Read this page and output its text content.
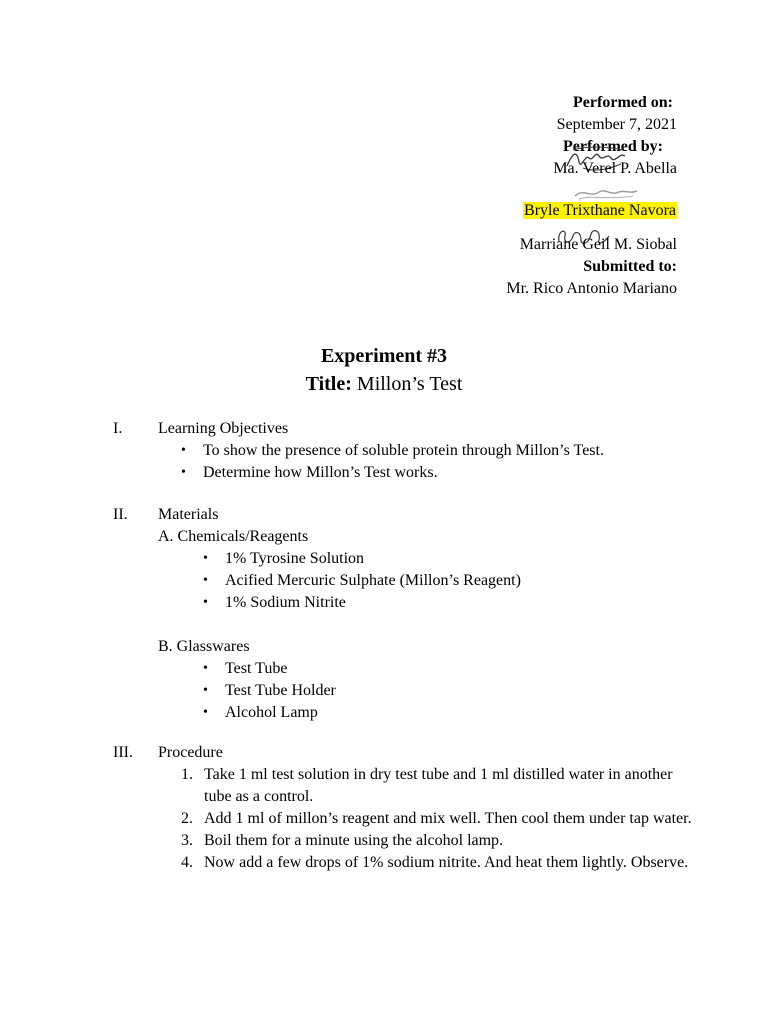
Performed on:
September 7, 2021
Performed by:
Ma. Verel P. Abella
Bryle Trixthane Navora
Marriane Geil M. Siobal
Submitted to:
Mr. Rico Antonio Mariano
Experiment #3
Title: Millon’s Test
I. Learning Objectives
• To show the presence of soluble protein through Millon’s Test.
• Determine how Millon’s Test works.
II. Materials
A. Chemicals/Reagents
• 1% Tyrosine Solution
• Acified Mercuric Sulphate (Millon’s Reagent)
• 1% Sodium Nitrite
B. Glasswares
• Test Tube
• Test Tube Holder
• Alcohol Lamp
III. Procedure
1. Take 1 ml test solution in dry test tube and 1 ml distilled water in another tube as a control.
2. Add 1 ml of millon’s reagent and mix well. Then cool them under tap water.
3. Boil them for a minute using the alcohol lamp.
4. Now add a few drops of 1% sodium nitrite. And heat them lightly. Observe.
